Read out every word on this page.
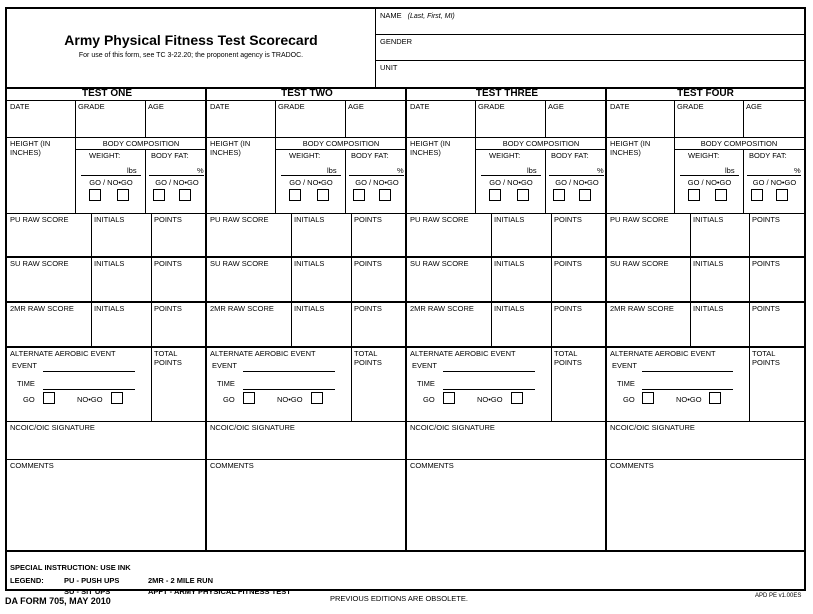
Army Physical Fitness Test Scorecard
For use of this form, see TC 3-22.20; the proponent agency is TRADOC.
NAME (Last, First, MI)
GENDER
UNIT
TEST ONE
DATE	GRADE	AGE
HEIGHT (IN
INCHES)
BODY COMPOSITION
WEIGHT:	BODY FAT:
lbs	%
GO / NO•GO	GO / NO•GO
PU RAW SCORE	INITIALS	POINTS
SU RAW SCORE	INITIALS	POINTS
2MR RAW SCORE	INITIALS	POINTS
ALTERNATE AEROBIC EVENT
EVENT
TIME
GO	NO•GO
TOTAL
POINTS
NCOIC/OIC SIGNATURE
COMMENTS
TEST TWO
DATE	GRADE	AGE
HEIGHT (IN
INCHES)
BODY COMPOSITION
WEIGHT:	BODY FAT:
lbs	%
GO / NO•GO	GO / NO•GO
PU RAW SCORE	INITIALS	POINTS
SU RAW SCORE	INITIALS	POINTS
2MR RAW SCORE	INITIALS	POINTS
ALTERNATE AEROBIC EVENT
EVENT
TIME
GO	NO•GO
TOTAL
POINTS
NCOIC/OIC SIGNATURE
COMMENTS
TEST THREE
DATE	GRADE	AGE
HEIGHT (IN
INCHES)
BODY COMPOSITION
WEIGHT:	BODY FAT:
lbs	%
GO / NO•GO	GO / NO•GO
PU RAW SCORE	INITIALS	POINTS
SU RAW SCORE	INITIALS	POINTS
2MR RAW SCORE	INITIALS	POINTS
ALTERNATE AEROBIC EVENT
EVENT
TIME
GO	NO•GO
TOTAL
POINTS
NCOIC/OIC SIGNATURE
COMMENTS
TEST FOUR
DATE	GRADE	AGE
HEIGHT (IN
INCHES)
BODY COMPOSITION
WEIGHT:	BODY FAT:
lbs	%
GO / NO•GO	GO / NO•GO
PU RAW SCORE	INITIALS	POINTS
SU RAW SCORE	INITIALS	POINTS
2MR RAW SCORE	INITIALS	POINTS
ALTERNATE AEROBIC EVENT
EVENT
TIME
GO	NO•GO
TOTAL
POINTS
NCOIC/OIC SIGNATURE
COMMENTS
SPECIAL INSTRUCTION: USE INK
LEGEND:	PU - PUSH UPS
SU - SIT UPS
2MR - 2 MILE RUN
APFT - ARMY PHYSICAL FITNESS TEST
DA FORM 705, MAY 2010	PREVIOUS EDITIONS ARE OBSOLETE.	APD PE v1.00ES
